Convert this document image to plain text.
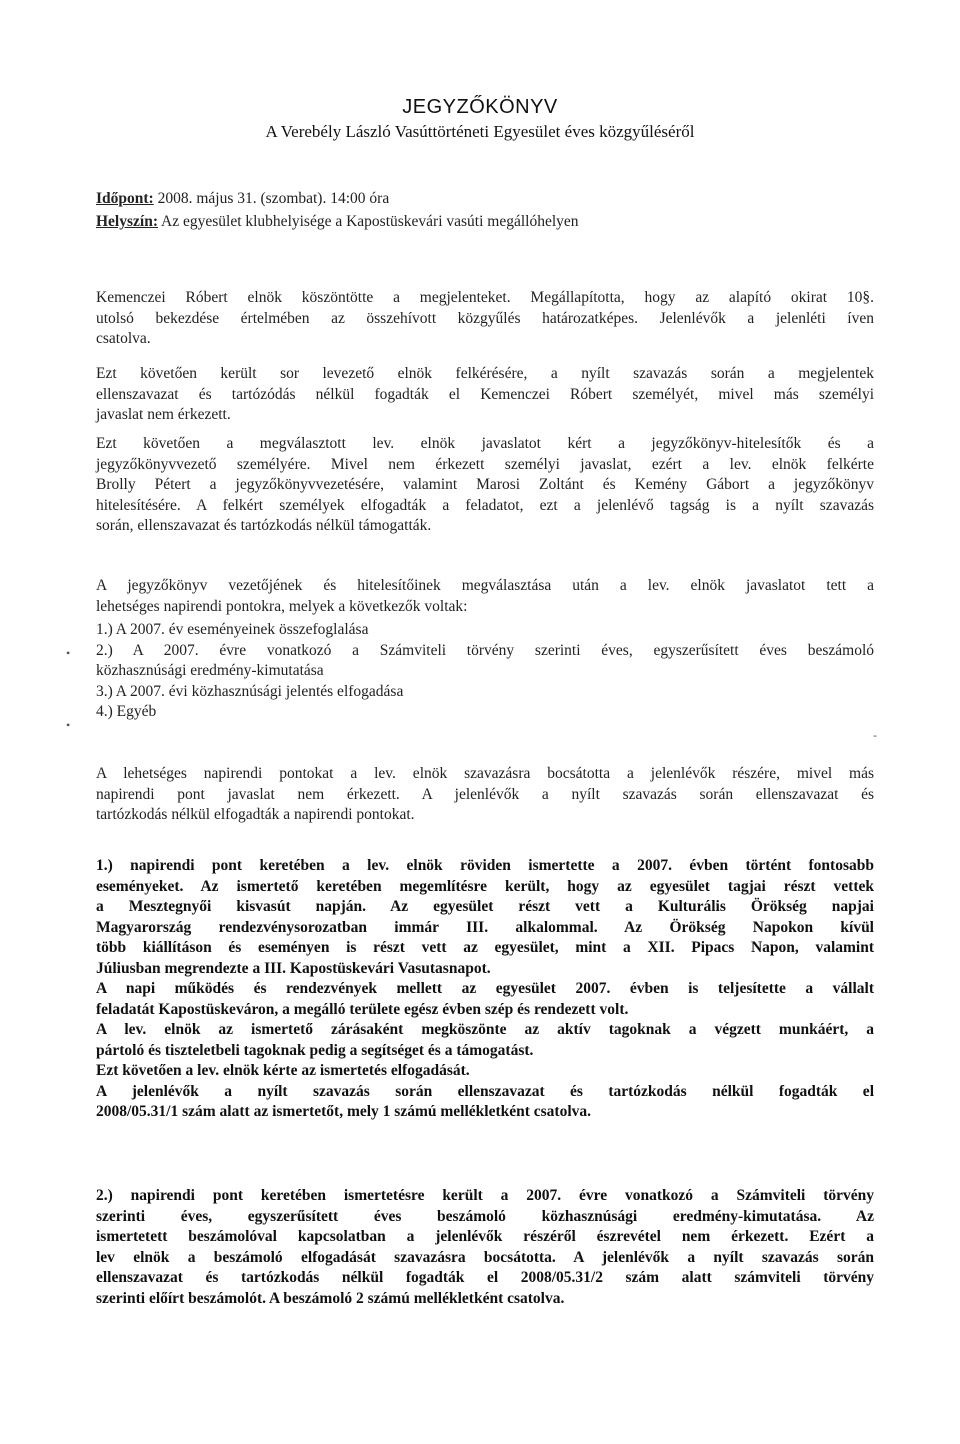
JEGYZŐKÖNYV
A Verebély László Vasúttörténeti Egyesület éves közgyűléséről
Időpont: 2008. május 31. (szombat). 14:00 óra
Helyszín: Az egyesület klubhelyisége a Kapostüskevári vasúti megállóhelyen
Kemenczei Róbert elnök köszöntötte a megjelenteket. Megállapította, hogy az alapító okirat 10§.
utolsó bekezdése értelmében az összehívott közgyűlés határozatképes. Jelenlévők a jelenléti íven
csatolva.
Ezt követően került sor levezető elnök felkérésére, a nyílt szavazás során a megjelentek
ellenszavazat és tartózódás nélkül fogadták el Kemenczei Róbert személyét, mivel más személyi
javaslat nem érkezett.
Ezt követően a megválasztott lev. elnök javaslatot kért a jegyzőkönyv-hitelesítők és a
jegyzőkönyvvezető személyére. Mivel nem érkezett személyi javaslat, ezért a lev. elnök felkérte
Brolly Pétert a jegyzőkönyvvezetésére, valamint Marosi Zoltánt és Kemény Gábort a jegyzőkönyv
hitelesítésére. A felkért személyek elfogadták a feladatot, ezt a jelenlévő tagság is a nyílt szavazás
során, ellenszavazat és tartózkodás nélkül támogatták.
A jegyzőkönyv vezetőjének és hitelesítőinek megválasztása után a lev. elnök javaslatot tett a
lehetséges napirendi pontokra, melyek a következők voltak:
1.) A 2007. év eseményeinek összefoglalása
2.) A 2007. évre vonatkozó a Számviteli törvény szerinti éves, egyszerűsített éves beszámoló
közhasznúsági eredmény-kimutatása
3.) A 2007. évi közhasznúsági jelentés elfogadása
4.) Egyéb
A lehetséges napirendi pontokat a lev. elnök szavazásra bocsátotta a jelenlévők részére, mivel más
napirendi pont javaslat nem érkezett. A jelenlévők a nyílt szavazás során ellenszavazat és
tartózkodás nélkül elfogadták a napirendi pontokat.
1.) napirendi pont keretében a lev. elnök röviden ismertette a 2007. évben történt fontosabb
eseményeket. Az ismertető keretében megemlítésre került, hogy az egyesület tagjai részt vettek
a Mesztegnyői kisvasút napján. Az egyesület részt vett a Kulturális Örökség napjai
Magyarország rendezvénysorozatban immár III. alkalommal. Az Örökség Napokon kívül
több kiállításon és eseményen is részt vett az egyesület, mint a XII. Pipacs Napon, valamint
Júliusban megrendezte a III. Kapostüskevári Vasutasnapot.
A napi működés és rendezvények mellett az egyesület 2007. évben is teljesítette a vállalt
feladatát Kapostüskeváron, a megálló területe egész évben szép és rendezett volt.
A lev. elnök az ismertető zárásaként megköszönte az aktív tagoknak a végzett munkáért, a
pártoló és tiszteletbeli tagoknak pedig a segítséget és a támogatást.
Ezt követően a lev. elnök kérte az ismertetés elfogadását.
A jelenlévők a nyílt szavazás során ellenszavazat és tartózkodás nélkül fogadták el
2008/05.31/1 szám alatt az ismertetőt, mely 1 számú mellékletként csatolva.
2.) napirendi pont keretében ismertetésre került a 2007. évre vonatkozó a Számviteli törvény
szerinti éves, egyszerűsített éves beszámoló közhasznúsági eredmény-kimutatása. Az
ismertetett beszámolóval kapcsolatban a jelenlévők részéről észrevétel nem érkezett. Ezért a
lev elnök a beszámoló elfogadását szavazásra bocsátotta. A jelenlévők a nyílt szavazás során
ellenszavazat és tartózkodás nélkül fogadták el 2008/05.31/2 szám alatt számviteli törvény
szerinti előírt beszámolót. A beszámoló 2 számú mellékletként csatolva.
-
•
•
